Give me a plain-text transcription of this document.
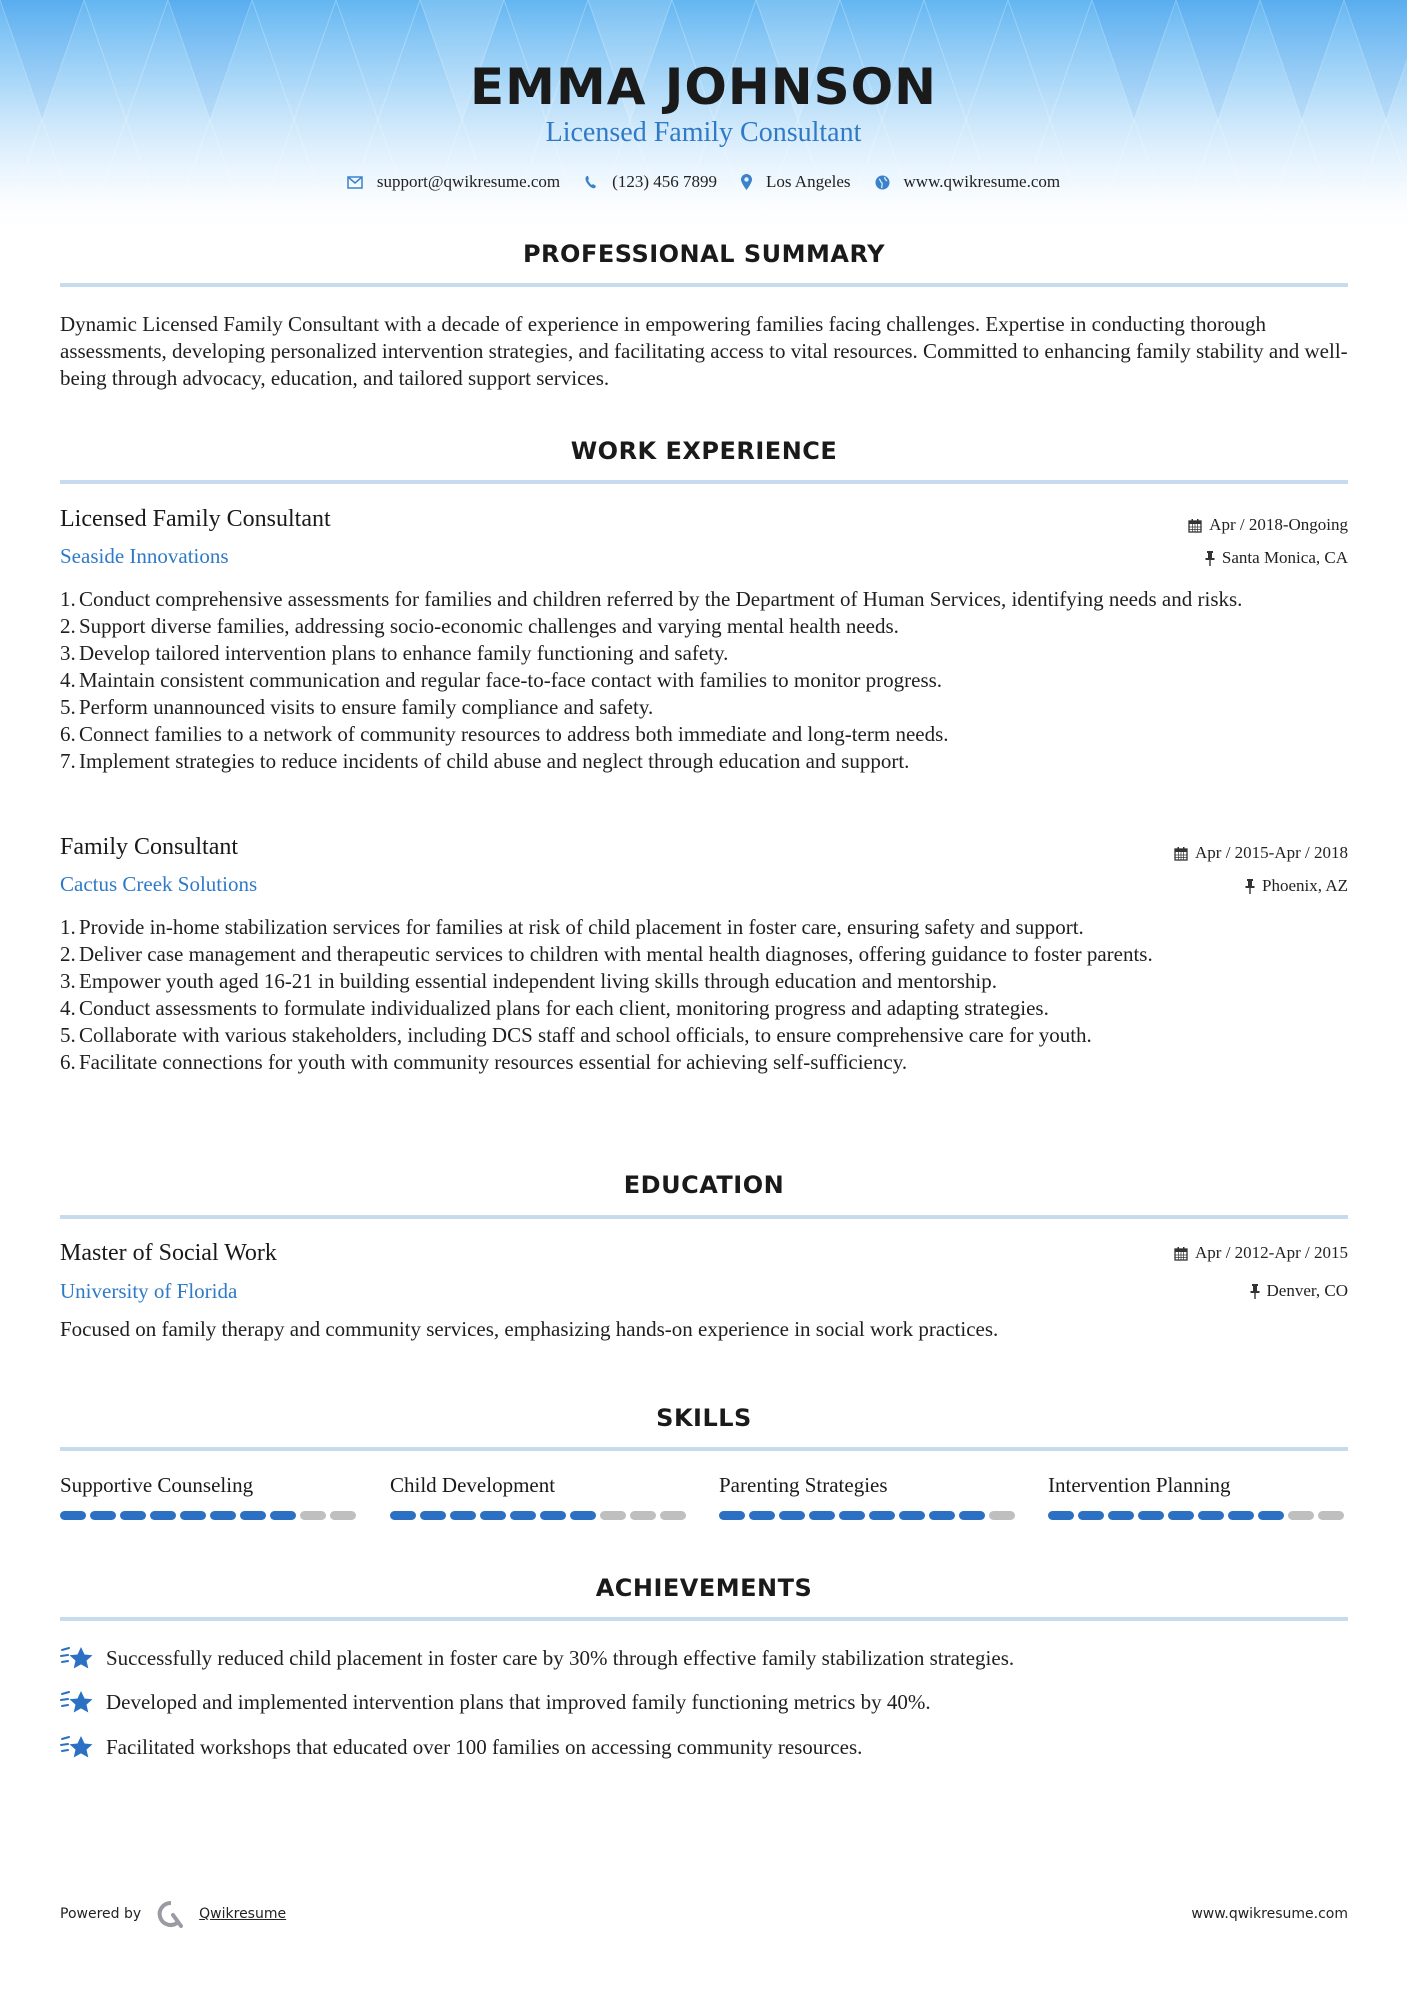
EMMA JOHNSON
Licensed Family Consultant
support@qwikresume.com	(123) 456 7899	Los Angeles	www.qwikresume.com
PROFESSIONAL SUMMARY
Dynamic Licensed Family Consultant with a decade of experience in empowering families facing challenges. Expertise in conducting thorough assessments, developing personalized intervention strategies, and facilitating access to vital resources. Committed to enhancing family stability and well-being through advocacy, education, and tailored support services.
WORK EXPERIENCE
Licensed Family Consultant	Apr / 2018-Ongoing
Seaside Innovations	Santa Monica, CA
1. Conduct comprehensive assessments for families and children referred by the Department of Human Services, identifying needs and risks.
2. Support diverse families, addressing socio-economic challenges and varying mental health needs.
3. Develop tailored intervention plans to enhance family functioning and safety.
4. Maintain consistent communication and regular face-to-face contact with families to monitor progress.
5. Perform unannounced visits to ensure family compliance and safety.
6. Connect families to a network of community resources to address both immediate and long-term needs.
7. Implement strategies to reduce incidents of child abuse and neglect through education and support.
Family Consultant	Apr / 2015-Apr / 2018
Cactus Creek Solutions	Phoenix, AZ
1. Provide in-home stabilization services for families at risk of child placement in foster care, ensuring safety and support.
2. Deliver case management and therapeutic services to children with mental health diagnoses, offering guidance to foster parents.
3. Empower youth aged 16-21 in building essential independent living skills through education and mentorship.
4. Conduct assessments to formulate individualized plans for each client, monitoring progress and adapting strategies.
5. Collaborate with various stakeholders, including DCS staff and school officials, to ensure comprehensive care for youth.
6. Facilitate connections for youth with community resources essential for achieving self-sufficiency.
EDUCATION
Master of Social Work	Apr / 2012-Apr / 2015
University of Florida	Denver, CO
Focused on family therapy and community services, emphasizing hands-on experience in social work practices.
SKILLS
Supportive Counseling	Child Development	Parenting Strategies	Intervention Planning
ACHIEVEMENTS
Successfully reduced child placement in foster care by 30% through effective family stabilization strategies.
Developed and implemented intervention plans that improved family functioning metrics by 40%.
Facilitated workshops that educated over 100 families on accessing community resources.
Powered by	Qwikresume	www.qwikresume.com
